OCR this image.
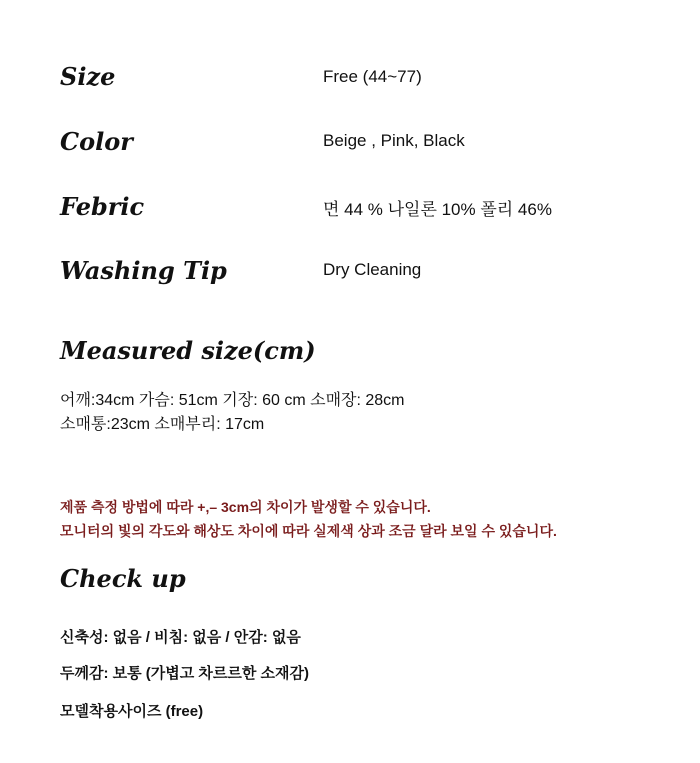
Size	Free (44~77)
Color	Beige , Pink, Black
Febric	면 44 % 나일론 10% 폴리 46%
Washing Tip	Dry Cleaning
Measured size(cm)
어깨:34cm 가슴: 51cm 기장: 60 cm 소매장: 28cm
소매통:23cm 소매부리: 17cm
제품 측정 방법에 따라 +,– 3cm의 차이가 발생할 수 있습니다.
모니터의 빛의 각도와 해상도 차이에 따라 실제색 상과 조금 달라 보일 수 있습니다.
Check up
신축성: 없음 / 비침: 없음 / 안감: 없음
두께감: 보통 (가볍고 차르르한 소재감)
모델착용사이즈 (free)
